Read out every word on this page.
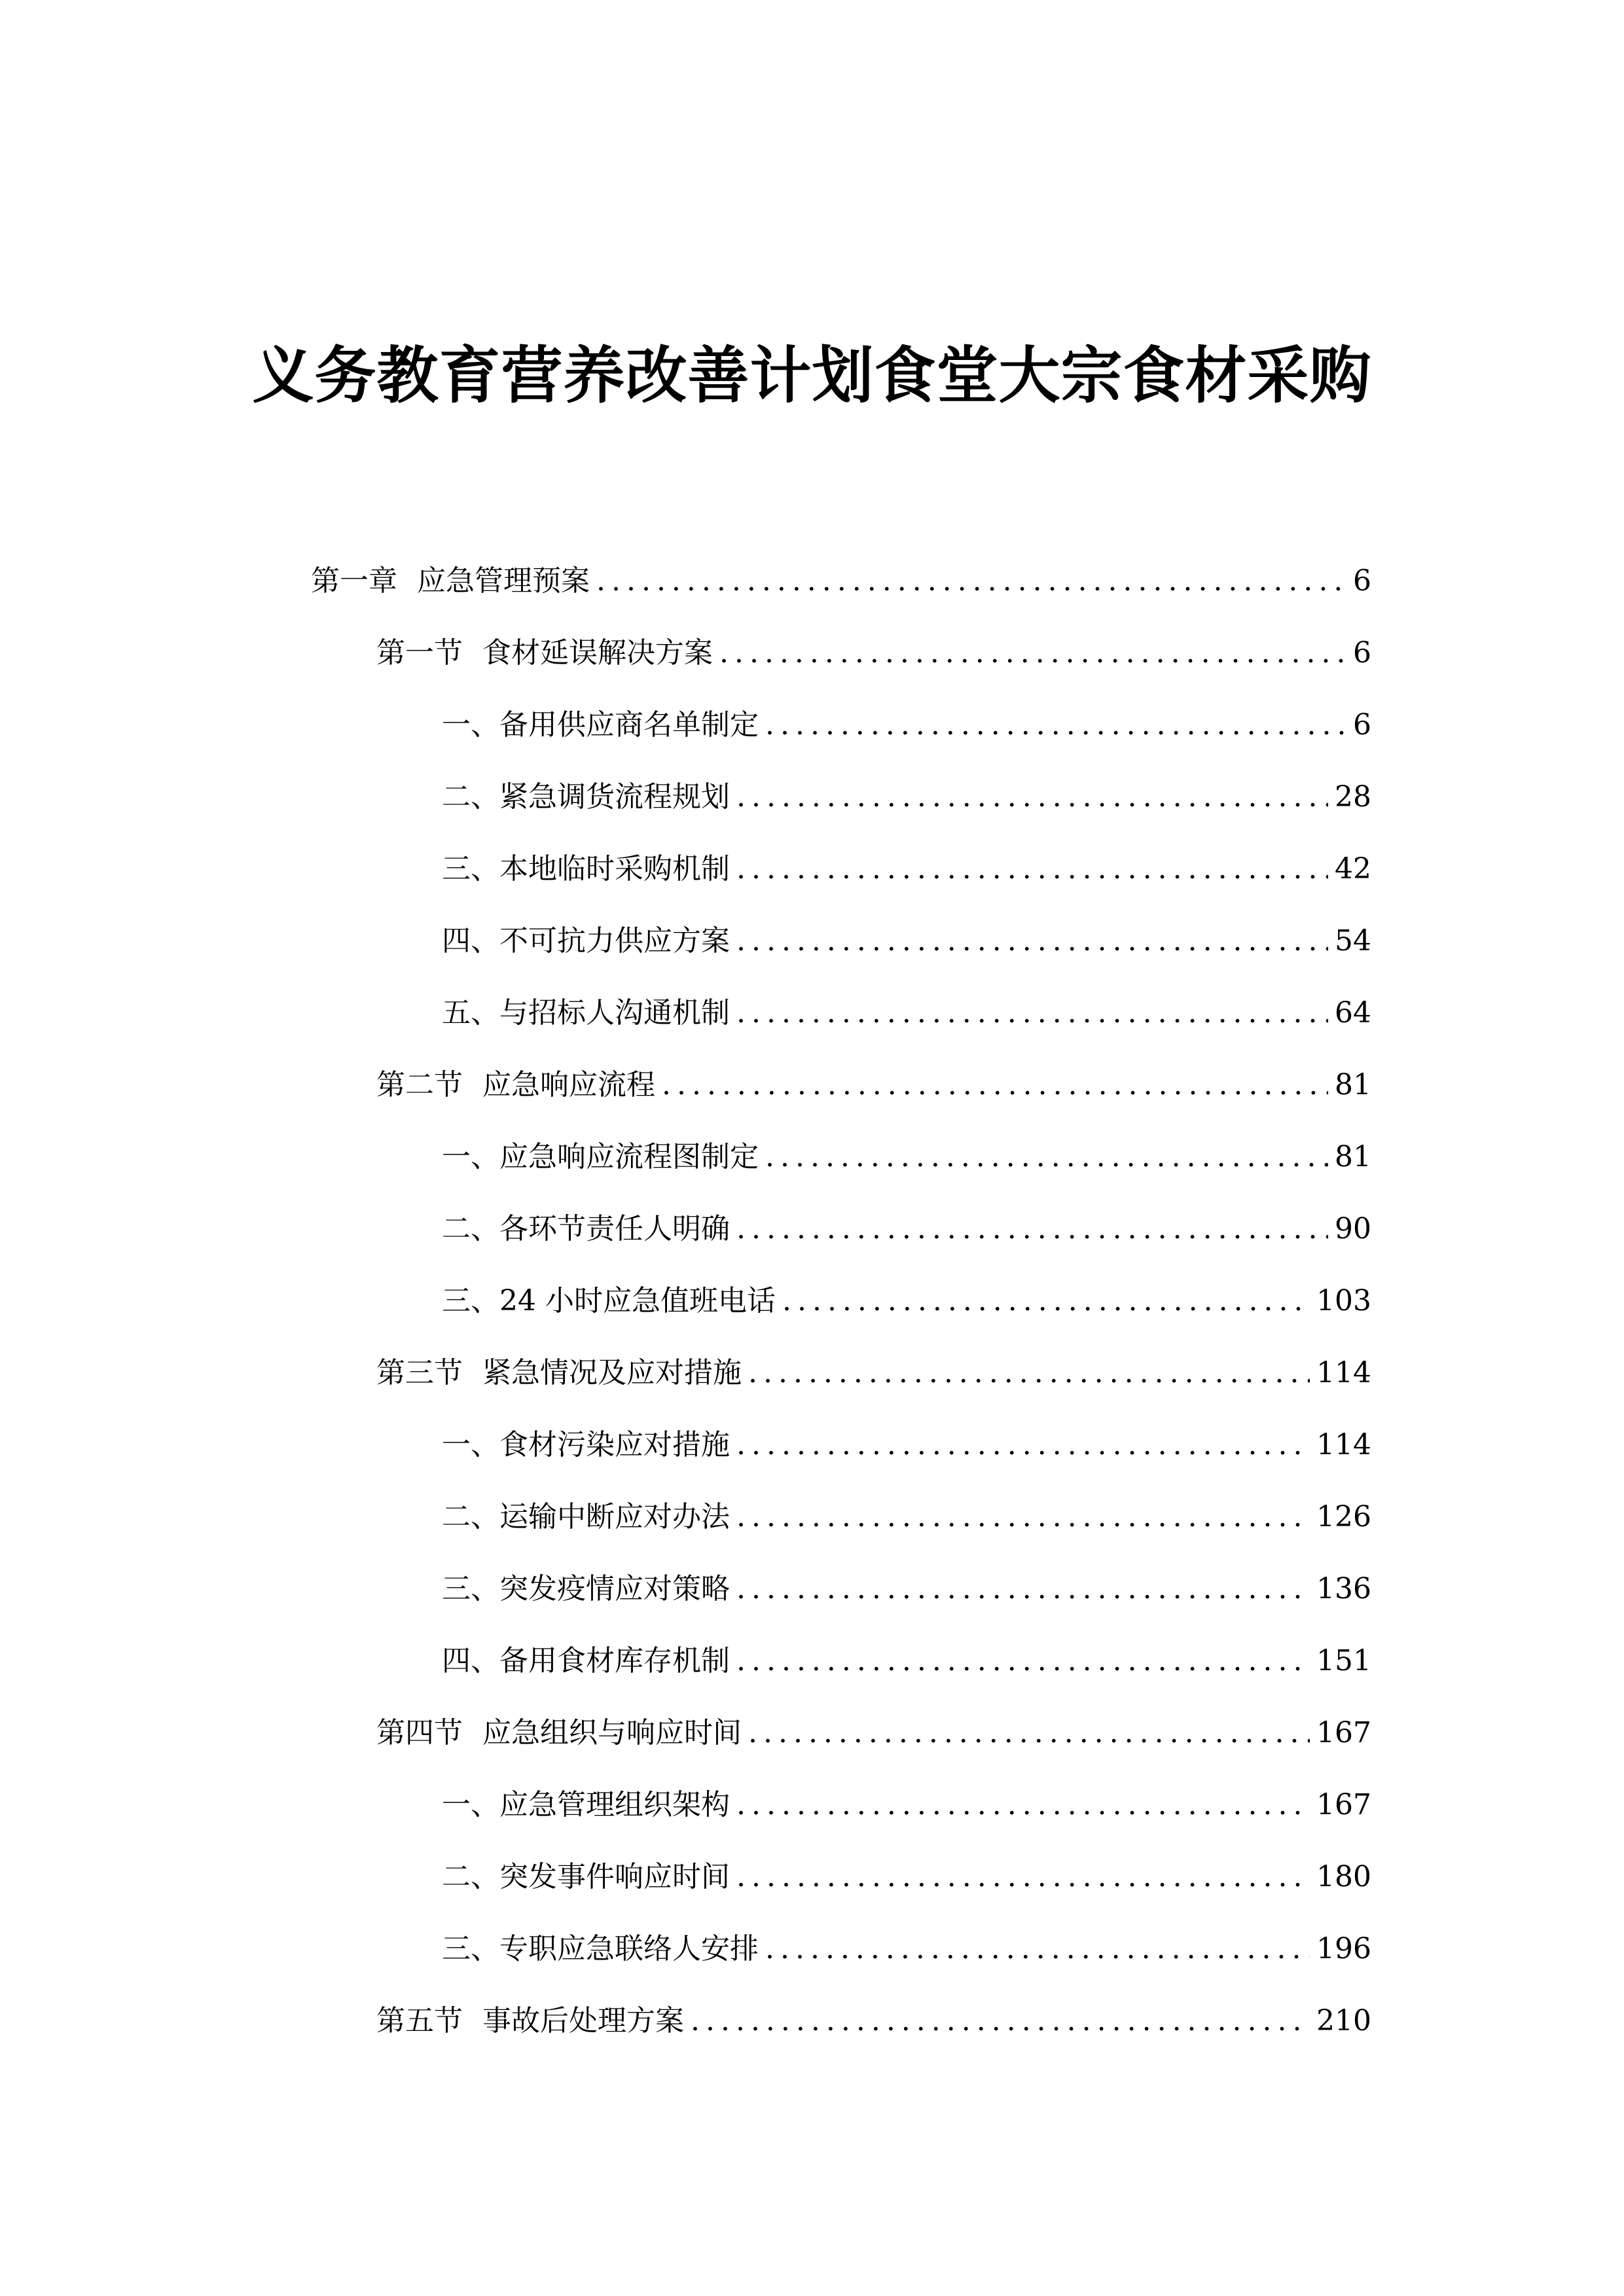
义务教育营养改善计划食堂大宗食材采购
第一章 应急管理预案 .....	6
第一节 食材延误解决方案 .....	6
一、 备用供应商名单制定 .....	6
二、 紧急调货流程规划 .....	28
三、 本地临时采购机制 .....	42
四、 不可抗力供应方案 .....	54
五、 与招标人沟通机制 .....	64
第二节 应急响应流程 .....	81
一、 应急响应流程图制定 .....	81
二、 各环节责任人明确 .....	90
三、 24 小时应急值班电话 .....	103
第三节 紧急情况及应对措施 .....	114
一、 食材污染应对措施 .....	114
二、 运输中断应对办法 .....	126
三、 突发疫情应对策略 .....	136
四、 备用食材库存机制 .....	151
第四节 应急组织与响应时间 .....	167
一、 应急管理组织架构 .....	167
二、 突发事件响应时间 .....	180
三、 专职应急联络人安排 .....	196
第五节 事故后处理方案 .....	210
